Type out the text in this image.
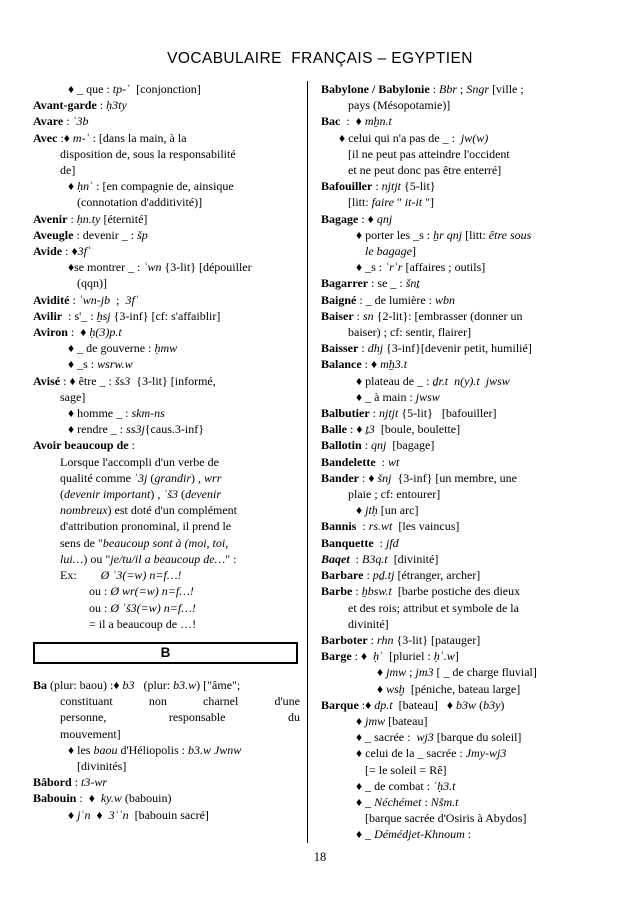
VOCABULAIRE  FRANÇAIS – EGYPTIEN
♦ _ que : tp-ʿ  [conjonction]
Avant-garde : ḥ3ty
Avare : ʿ3b
Avec :♦ m-ʿ : [dans la main, à la
disposition de, sous la responsabilité
de]
♦ ḥnʿ : [en compagnie de, ainsique
(connotation d'additivité)]
Avenir : ḥn.ty [éternité]
Aveugle : devenir _ : šp
Avide : ♦3fʿ
♦se montrer _ : ʿwn {3-lit} [dépouiller
(qqn)]
Avidité : ʿwn-jb  ;  3fʿ
Avilir  : s'_ : ẖsj {3-inf} [cf: s'affaiblir]
Aviron :  ♦ ḥ(3)p.t
♦ _ de gouverne : ḥmw
♦ _s : wsrw.w
Avisé : ♦ être _ : šs3  {3-lit} [informé,
sage]
♦ homme _ : skm-ns
♦ rendre _ : ss3j{caus.3-inf}
Avoir beaucoup de :
Lorsque l'accompli d'un verbe de
qualité comme ʿ3j (grandir) , wrr
(devenir important) , ʿš3 (devenir
nombreux) est doté d'un complément
d'attribution pronominal, il prend le
sens de "beaucoup sont à (moi, toi,
lui…) ou "je/tu/il a beaucoup de…" :
Ex:        Ø ʿ3(=w) n=f…!
ou : Ø wr(=w) n=f…!
ou : Ø ʿš3(=w) n=f…!
= il a beaucoup de …!
B
Ba (plur: baou) :♦ b3   (plur: b3.w) ["âme";
constituant non charnel d'une
personne, responsable du
mouvement]
♦ les baou d'Héliopolis : b3.w Jwnw
[divinités]
Bâbord : t3-wr
Babouin :  ♦  ky.w (babouin)
♦ jʿn  ♦  3ʿʿn  [babouin sacré]
Babylone / Babylonie : Bbr ; Sngr [ville ;
pays (Mésopotamie)]
Bac  :  ♦ mẖn.t
♦ celui qui n'a pas de _ :  jw(w)
[il ne peut pas atteindre l'occident
et ne peut donc pas être enterré]
Bafouiller : njtjt {5-lit}
[litt: faire " it-it "]
Bagage : ♦ qnj
♦ porter les _s : ẖr qnj [litt: être sous
le bagage]
♦ _s : ʿrʿr [affaires ; outils]
Bagarrer : se _ : šnṯ
Baigné : _ de lumière : wbn
Baiser : sn {2-lit}: [embrasser (donner un
baiser) ; cf: sentir, flairer]
Baisser : dhj {3-inf}[devenir petit, humilié]
Balance : ♦ mẖ3.t
♦ plateau de _ : ḏr.t  n(y).t  jwsw
♦ _ à main : jwsw
Balbutier : njtjt {5-lit}   [bafouiller]
Balle : ♦ ṯ3  [boule, boulette]
Ballotin : qnj  [bagage]
Bandelette  : wt
Bander : ♦ šnj  {3-inf} [un membre, une
plaie ; cf: entourer]
♦ jtḥ [un arc]
Bannis  : rs.wt  [les vaincus]
Banquette  : jfd
Baqet  : B3q.t  [divinité]
Barbare : pḏ.tj [étranger, archer]
Barbe : ẖbsw.t  [barbe postiche des dieux
et des rois; attribut et symbole de la
divinité]
Barboter : rhn {3-lit} [patauger]
Barge : ♦  ḥʿ  [pluriel : ḥʿ.w]
♦ jmw ; jm3 [ _ de charge fluvial]
♦ wsḫ  [péniche, bateau large]
Barque :♦ dp.t  [bateau]   ♦ b3w (b3y)
♦ jmw [bateau]
♦ _ sacrée :  wj3 [barque du soleil]
♦ celui de la _ sacrée : Jmy-wj3
[= le soleil = Rê]
♦ _ de combat : ʿḥ3.t
♦ _ Néchémet : Nšm.t
[barque sacrée d'Osiris à Abydos]
♦ _ Démédjet-Khnoum :
18
